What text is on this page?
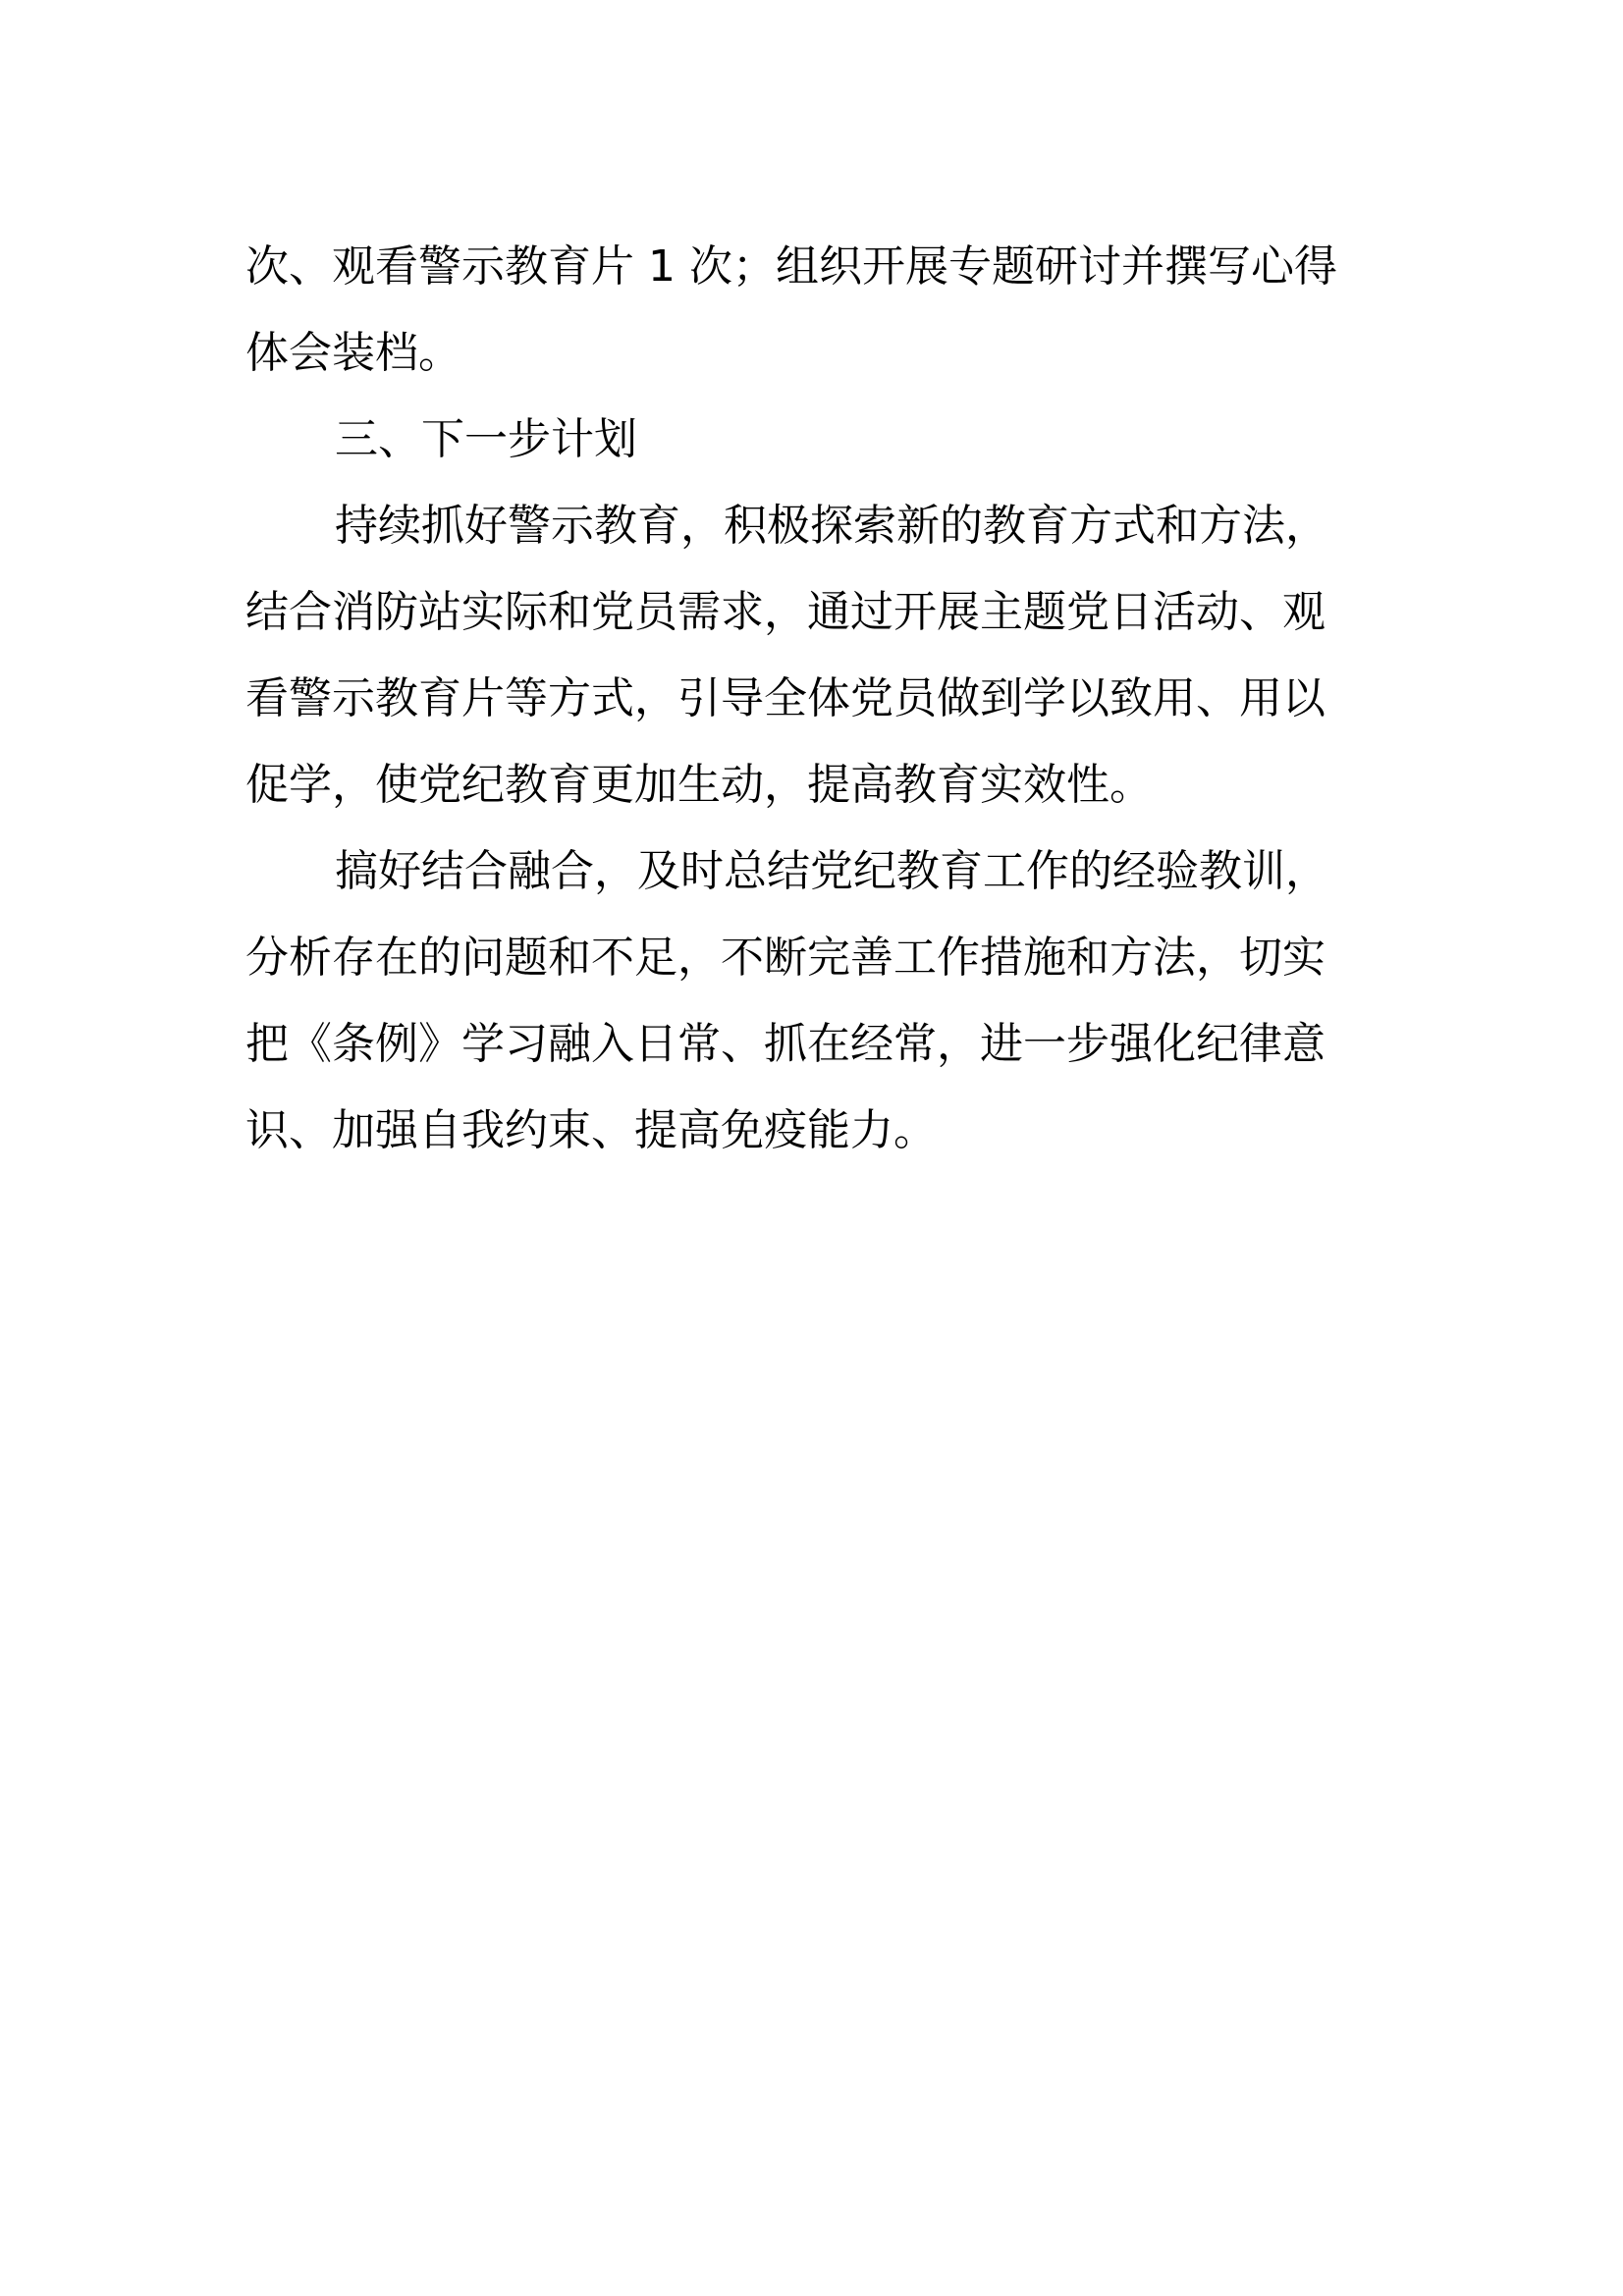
次、观看警示教育片 1 次；组织开展专题研讨并撰写心得
体会装档。
三、下一步计划
持续抓好警示教育，积极探索新的教育方式和方法，
结合消防站实际和党员需求，通过开展主题党日活动、观
看警示教育片等方式，引导全体党员做到学以致用、用以
促学，使党纪教育更加生动，提高教育实效性。
搞好结合融合，及时总结党纪教育工作的经验教训，
分析存在的问题和不足，不断完善工作措施和方法，切实
把《条例》学习融入日常、抓在经常，进一步强化纪律意
识、加强自我约束、提高免疫能力。
